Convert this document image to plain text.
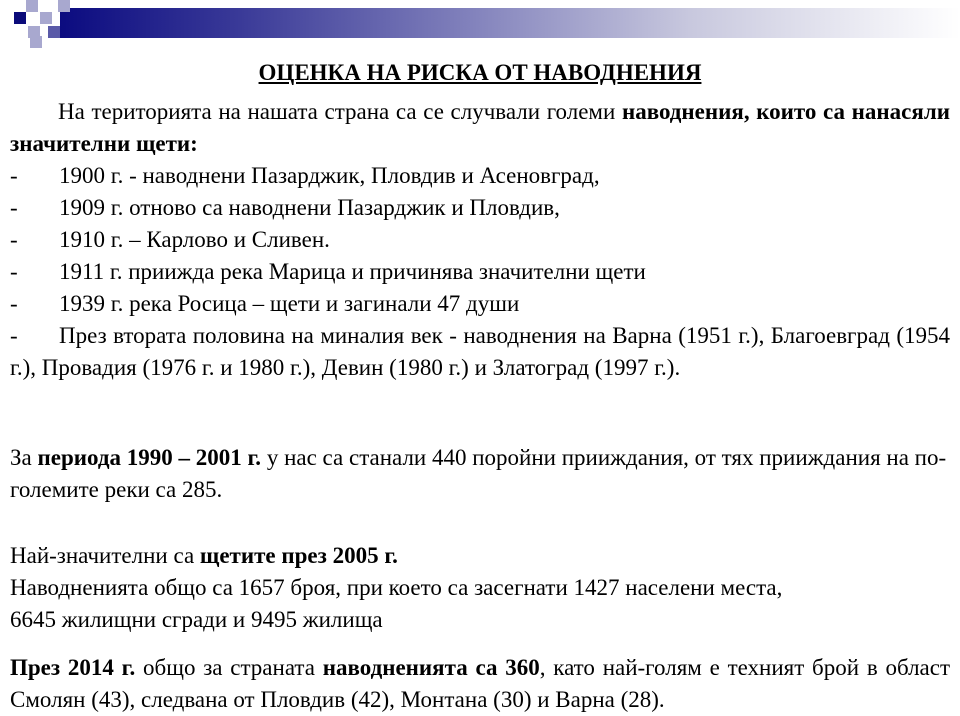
ОЦЕНКА НА РИСКА ОТ НАВОДНЕНИЯ

На територията на нашата страна са се случвали големи наводнения, които са нанасяли значителни щети:

- 1900 г. - наводнени Пазарджик, Пловдив и Асеновград,
- 1909 г. отново са наводнени Пазарджик и Пловдив,
- 1910 г. – Карлово и Сливен.
- 1911 г. приижда река Марица и причинява значителни щети
- 1939 г. река Росица – щети и загинали 47 души

- През втората половина на миналия век - наводнения на Варна (1951 г.), Благоевград (1954 г.), Провадия (1976 г. и 1980 г.), Девин (1980 г.) и Златоград (1997 г.).

За периода 1990 – 2001 г. у нас са станали 440 поройни прииждания, от тях прииждания на по-големите реки са 285.

Най-значителни са щетите през 2005 г.
Наводненията общо са 1657 броя, при което са засегнати 1427 населени места,
6645 жилищни сгради и 9495 жилища

През 2014 г. общо за страната наводненията са 360, като най-голям е техният брой в област Смолян (43), следвана от Пловдив (42), Монтана (30) и Варна (28).
